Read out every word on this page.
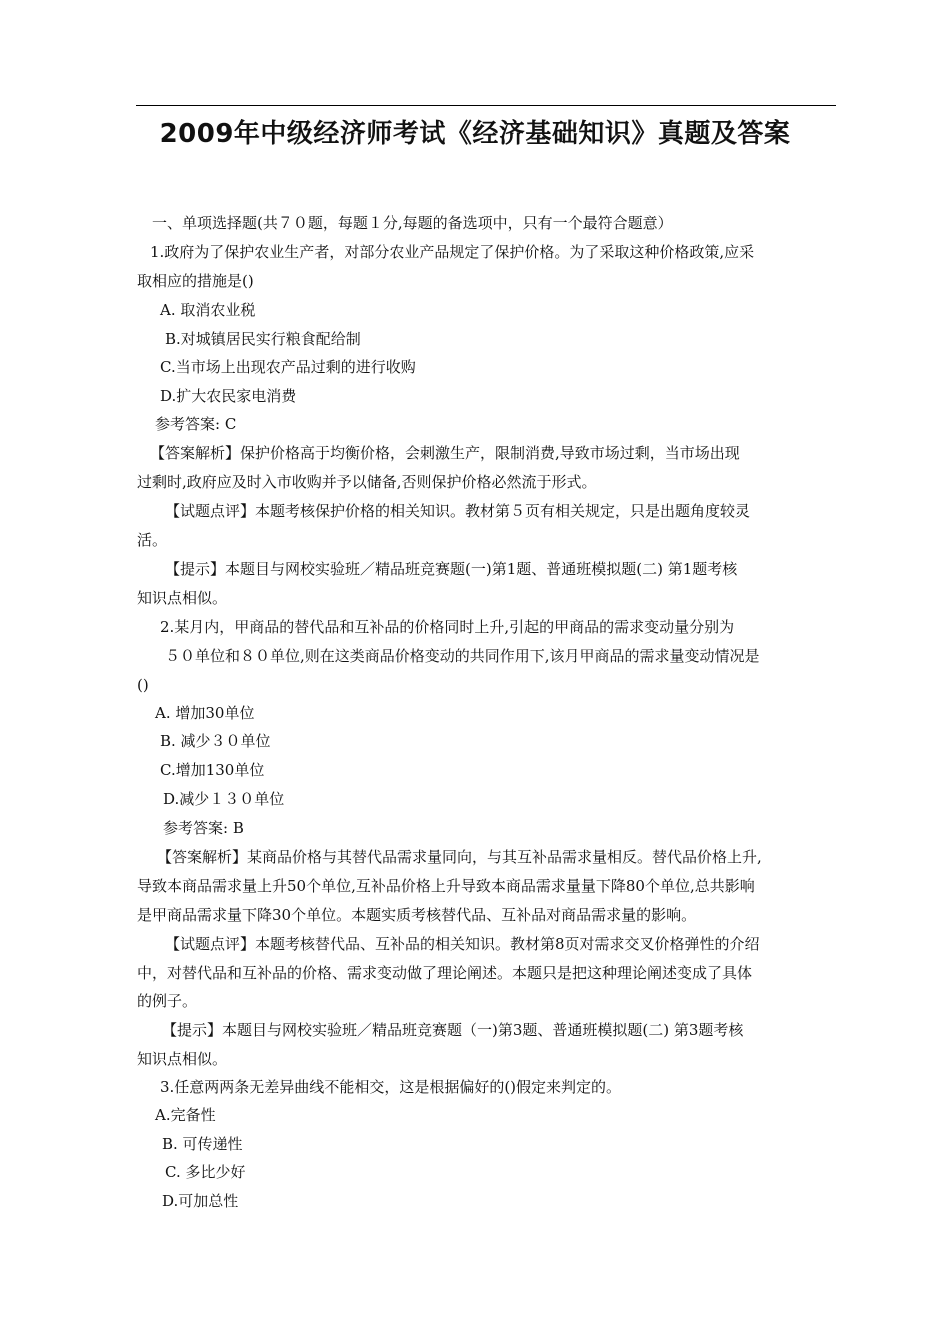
2009年中级经济师考试《经济基础知识》真题及答案
一、单项选择题(共７０题，每题１分,每题的备选项中，只有一个最符合题意）
1.政府为了保护农业生产者，对部分农业产品规定了保护价格。为了采取这种价格政策,应采
取相应的措施是()
A. 取消农业税
B.对城镇居民实行粮食配给制
C.当市场上出现农产品过剩的进行收购
D.扩大农民家电消费
参考答案: C
【答案解析】保护价格高于均衡价格，会刺激生产，限制消费,导致市场过剩，当市场出现
过剩时,政府应及时入市收购并予以储备,否则保护价格必然流于形式。
【试题点评】本题考核保护价格的相关知识。教材第５页有相关规定，只是出题角度较灵
活。
【提示】本题目与网校实验班／精品班竞赛题(一)第1题、普通班模拟题(二) 第1题考核
知识点相似。
2.某月内，甲商品的替代品和互补品的价格同时上升,引起的甲商品的需求变动量分别为
５０单位和８０单位,则在这类商品价格变动的共同作用下,该月甲商品的需求量变动情况是
()
A. 增加30单位
B. 减少３０单位
C.增加130单位
D.减少１３０单位
参考答案: B
【答案解析】某商品价格与其替代品需求量同向，与其互补品需求量相反。替代品价格上升,
导致本商品需求量上升50个单位,互补品价格上升导致本商品需求量量下降80个单位,总共影响
是甲商品需求量下降30个单位。本题实质考核替代品、互补品对商品需求量的影响。
【试题点评】本题考核替代品、互补品的相关知识。教材第8页对需求交叉价格弹性的介绍
中，对替代品和互补品的价格、需求变动做了理论阐述。本题只是把这种理论阐述变成了具体
的例子。
【提示】本题目与网校实验班／精品班竞赛题（一)第3题、普通班模拟题(二) 第3题考核
知识点相似。
3.任意两两条无差异曲线不能相交，这是根据偏好的()假定来判定的。
A.完备性
B. 可传递性
C. 多比少好
D.可加总性
